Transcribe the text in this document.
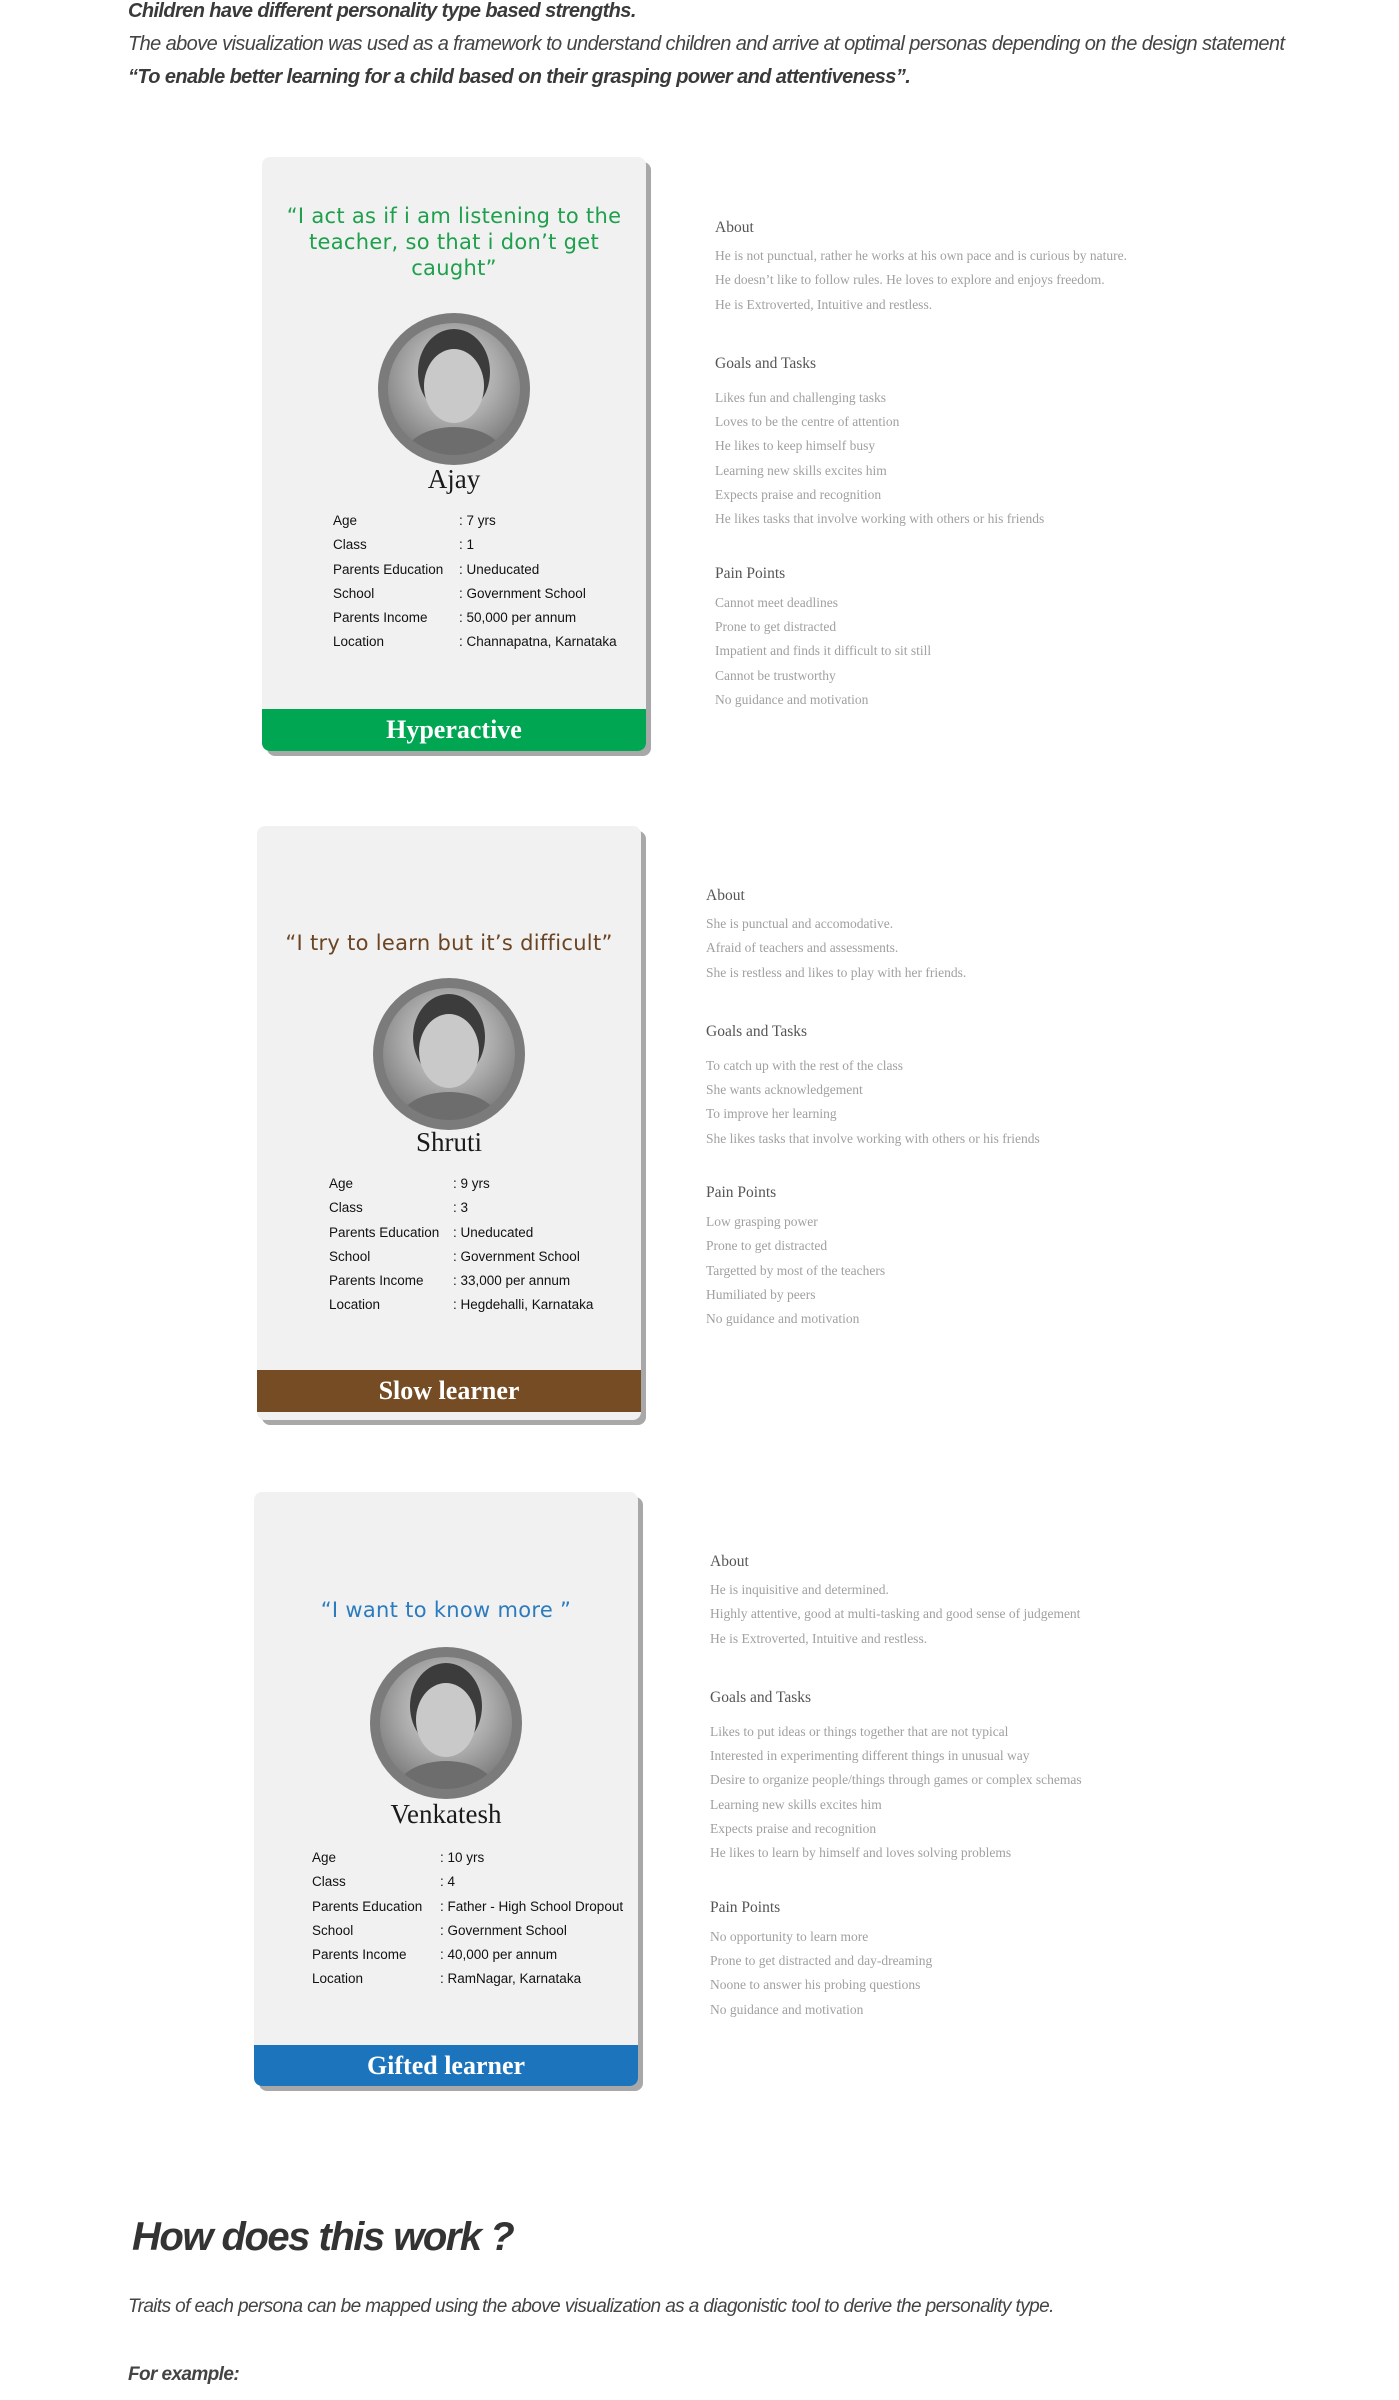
Children have different personality type based strengths.
The above visualization was used as a framework to understand children and arrive at optimal personas depending on the design statement
“To enable better learning for a child based on their grasping power and attentiveness”.
“I act as if i am listening to the teacher, so that i don’t get caught”
Ajay
Age	: 7 yrs
Class	: 1
Parents Education : Uneducated
School	: Government School
Parents Income : 50,000 per annum
Location	: Channapatna, Karnataka
Hyperactive
About
He is not punctual, rather he works at his own pace and is curious by nature.
He doesn’t like to follow rules. He loves to explore and enjoys freedom.
He is Extroverted, Intuitive and restless.
Goals and Tasks
Likes fun and challenging tasks
Loves to be the centre of attention
He likes to keep himself busy
Learning new skills excites him
Expects praise and recognition
He likes tasks that involve working with others or his friends
Pain Points
Cannot meet deadlines
Prone to get distracted
Impatient and finds it difficult to sit still
Cannot be trustworthy
No guidance and motivation
“I try to learn but it’s difficult”
Shruti
Age	: 9 yrs
Class	: 3
Parents Education : Uneducated
School	: Government School
Parents Income : 33,000 per annum
Location	: Hegdehalli, Karnataka
Slow learner
About
She is punctual and accomodative.
Afraid of teachers and assessments.
She is restless and likes to play with her friends.
Goals and Tasks
To catch up with the rest of the class
She wants acknowledgement
To improve her learning
She likes tasks that involve working with others or his friends
Pain Points
Low grasping power
Prone to get distracted
Targetted by most of the teachers
Humiliated by peers
No guidance and motivation
“I want to know more ”
Venkatesh
Age	: 10 yrs
Class	: 4
Parents Education : Father - High School Dropout
School	: Government School
Parents Income : 40,000 per annum
Location	: RamNagar, Karnataka
Gifted learner
About
He is inquisitive and determined.
Highly attentive, good at multi-tasking and good sense of judgement
He is Extroverted, Intuitive and restless.
Goals and Tasks
Likes to put ideas or things together that are not typical
Interested in experimenting different things in unusual way
Desire to organize people/things through games or complex schemas
Learning new skills excites him
Expects praise and recognition
He likes to learn by himself and loves solving problems
Pain Points
No opportunity to learn more
Prone to get distracted and day-dreaming
Noone to answer his probing questions
No guidance and motivation
How does this work ?
Traits of each persona can be mapped using the above visualization as a diagonistic tool to derive the personality type.
For example:
